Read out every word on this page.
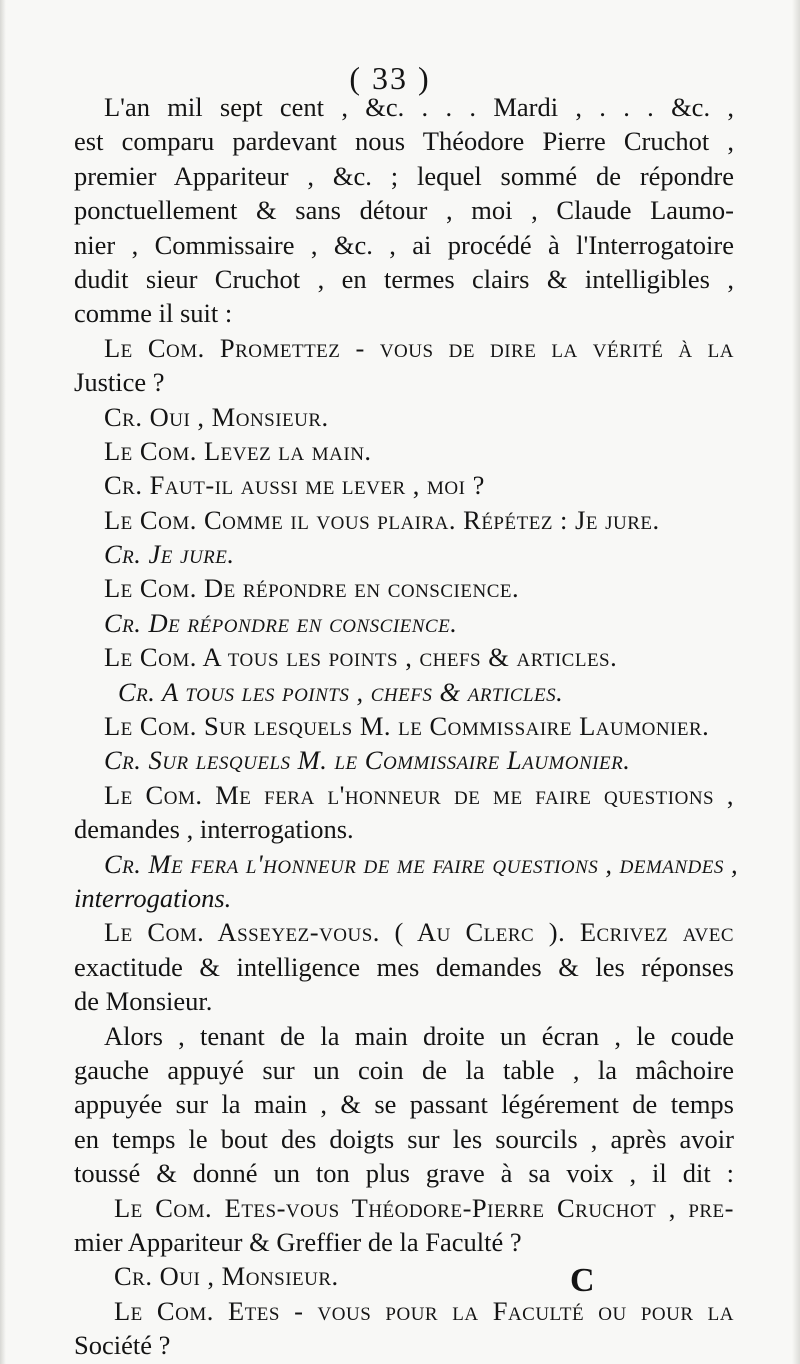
( 33 )
L'an mil sept cent , &c. . . . Mardi , . . . &c. ,
est comparu pardevant nous Théodore Pierre Cruchot ,
premier Appariteur , &c. ; lequel sommé de répondre
ponctuellement & sans détour , moi , Claude Laumo-
nier , Commissaire , &c. , ai procédé à l'Interrogatoire
dudit sieur Cruchot , en termes clairs & intelligibles ,
comme il suit :
Le Com. Promettez - vous de dire la vérité à la
Justice ?
Cr. Oui , Monsieur.
Le Com. Levez la main.
Cr. Faut-il aussi me lever , moi ?
Le Com. Comme il vous plaira. Répétez : Je jure.
Cr. Je jure.
Le Com. De répondre en conscience.
Cr. De répondre en conscience.
Le Com. A tous les points , chefs & articles.
Cr. A tous les points , chefs & articles.
Le Com. Sur lesquels M. le Commissaire Laumonier.
Cr. Sur lesquels M. le Commissaire Laumonier.
Le Com. Me fera l'honneur de me faire questions ,
demandes , interrogations.
Cr. Me fera l'honneur de me faire questions , demandes ,
interrogations.
Le Com. Asseyez-vous. ( Au Clerc ). Ecrivez avec
exactitude & intelligence mes demandes & les réponses
de Monsieur.
Alors , tenant de la main droite un écran , le coude
gauche appuyé sur un coin de la table , la mâchoire
appuyée sur la main , & se passant légérement de temps
en temps le bout des doigts sur les sourcils , après avoir
toussé & donné un ton plus grave à sa voix , il dit :
Le Com. Etes-vous Théodore-Pierre Cruchot , pre-
mier Appariteur & Greffier de la Faculté ?
Cr. Oui , Monsieur.
Le Com. Etes - vous pour la Faculté ou pour la
Société ?
C
